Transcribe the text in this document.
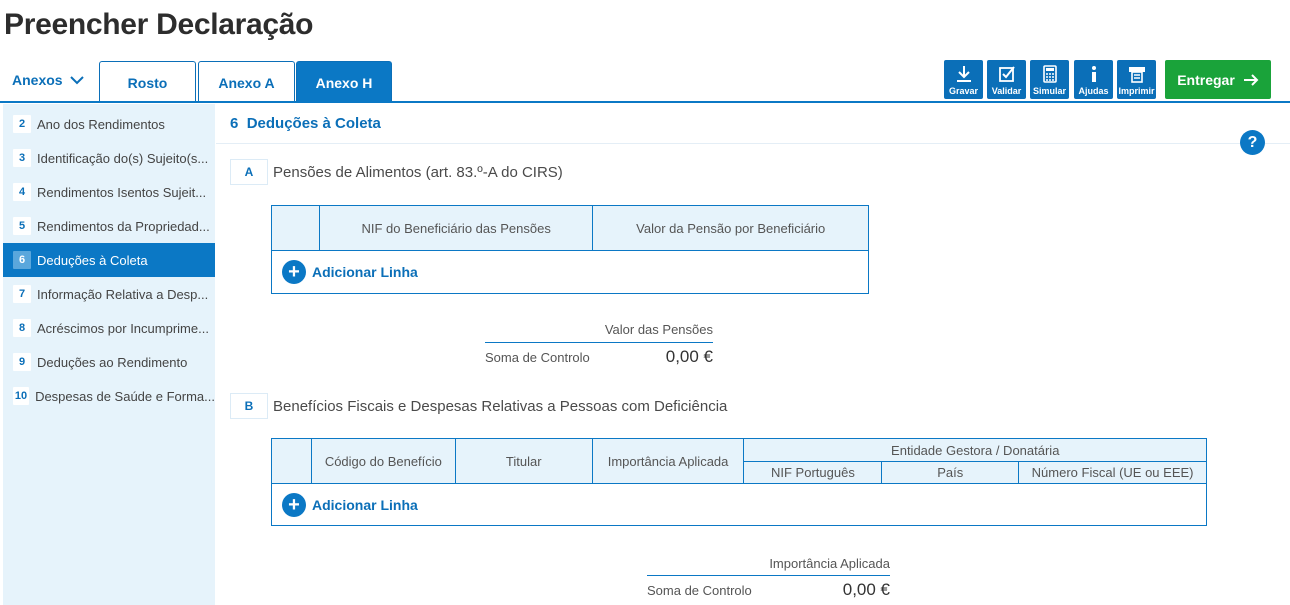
Preencher Declaração
Anexos	Rosto	Anexo A	Anexo H
Gravar Validar Simular Ajudas Imprimir
Entregar
2 Ano dos Rendimentos
3 Identificação do(s) Sujeito(s...
4 Rendimentos Isentos Sujeit...
5 Rendimentos da Propriedad...
6 Deduções à Coleta
7 Informação Relativa a Desp...
8 Acréscimos por Incumprime...
9 Deduções ao Rendimento
10 Despesas de Saúde e Forma...
6 Deduções à Coleta
?
A	Pensões de Alimentos (art. 83.º-A do CIRS)
	NIF do Beneficiário das Pensões	Valor da Pensão por Beneficiário

+ Adicionar Linha
Valor das Pensões
Soma de Controlo	0,00 €
B	Benefícios Fiscais e Despesas Relativas a Pessoas com Deficiência
	Código do Benefício	Titular	Importância Aplicada	Entidade Gestora / Donatária		
				NIF Português	País	Número Fiscal (UE ou EEE)

+ Adicionar Linha						
Importância Aplicada
Soma de Controlo	0,00 €
